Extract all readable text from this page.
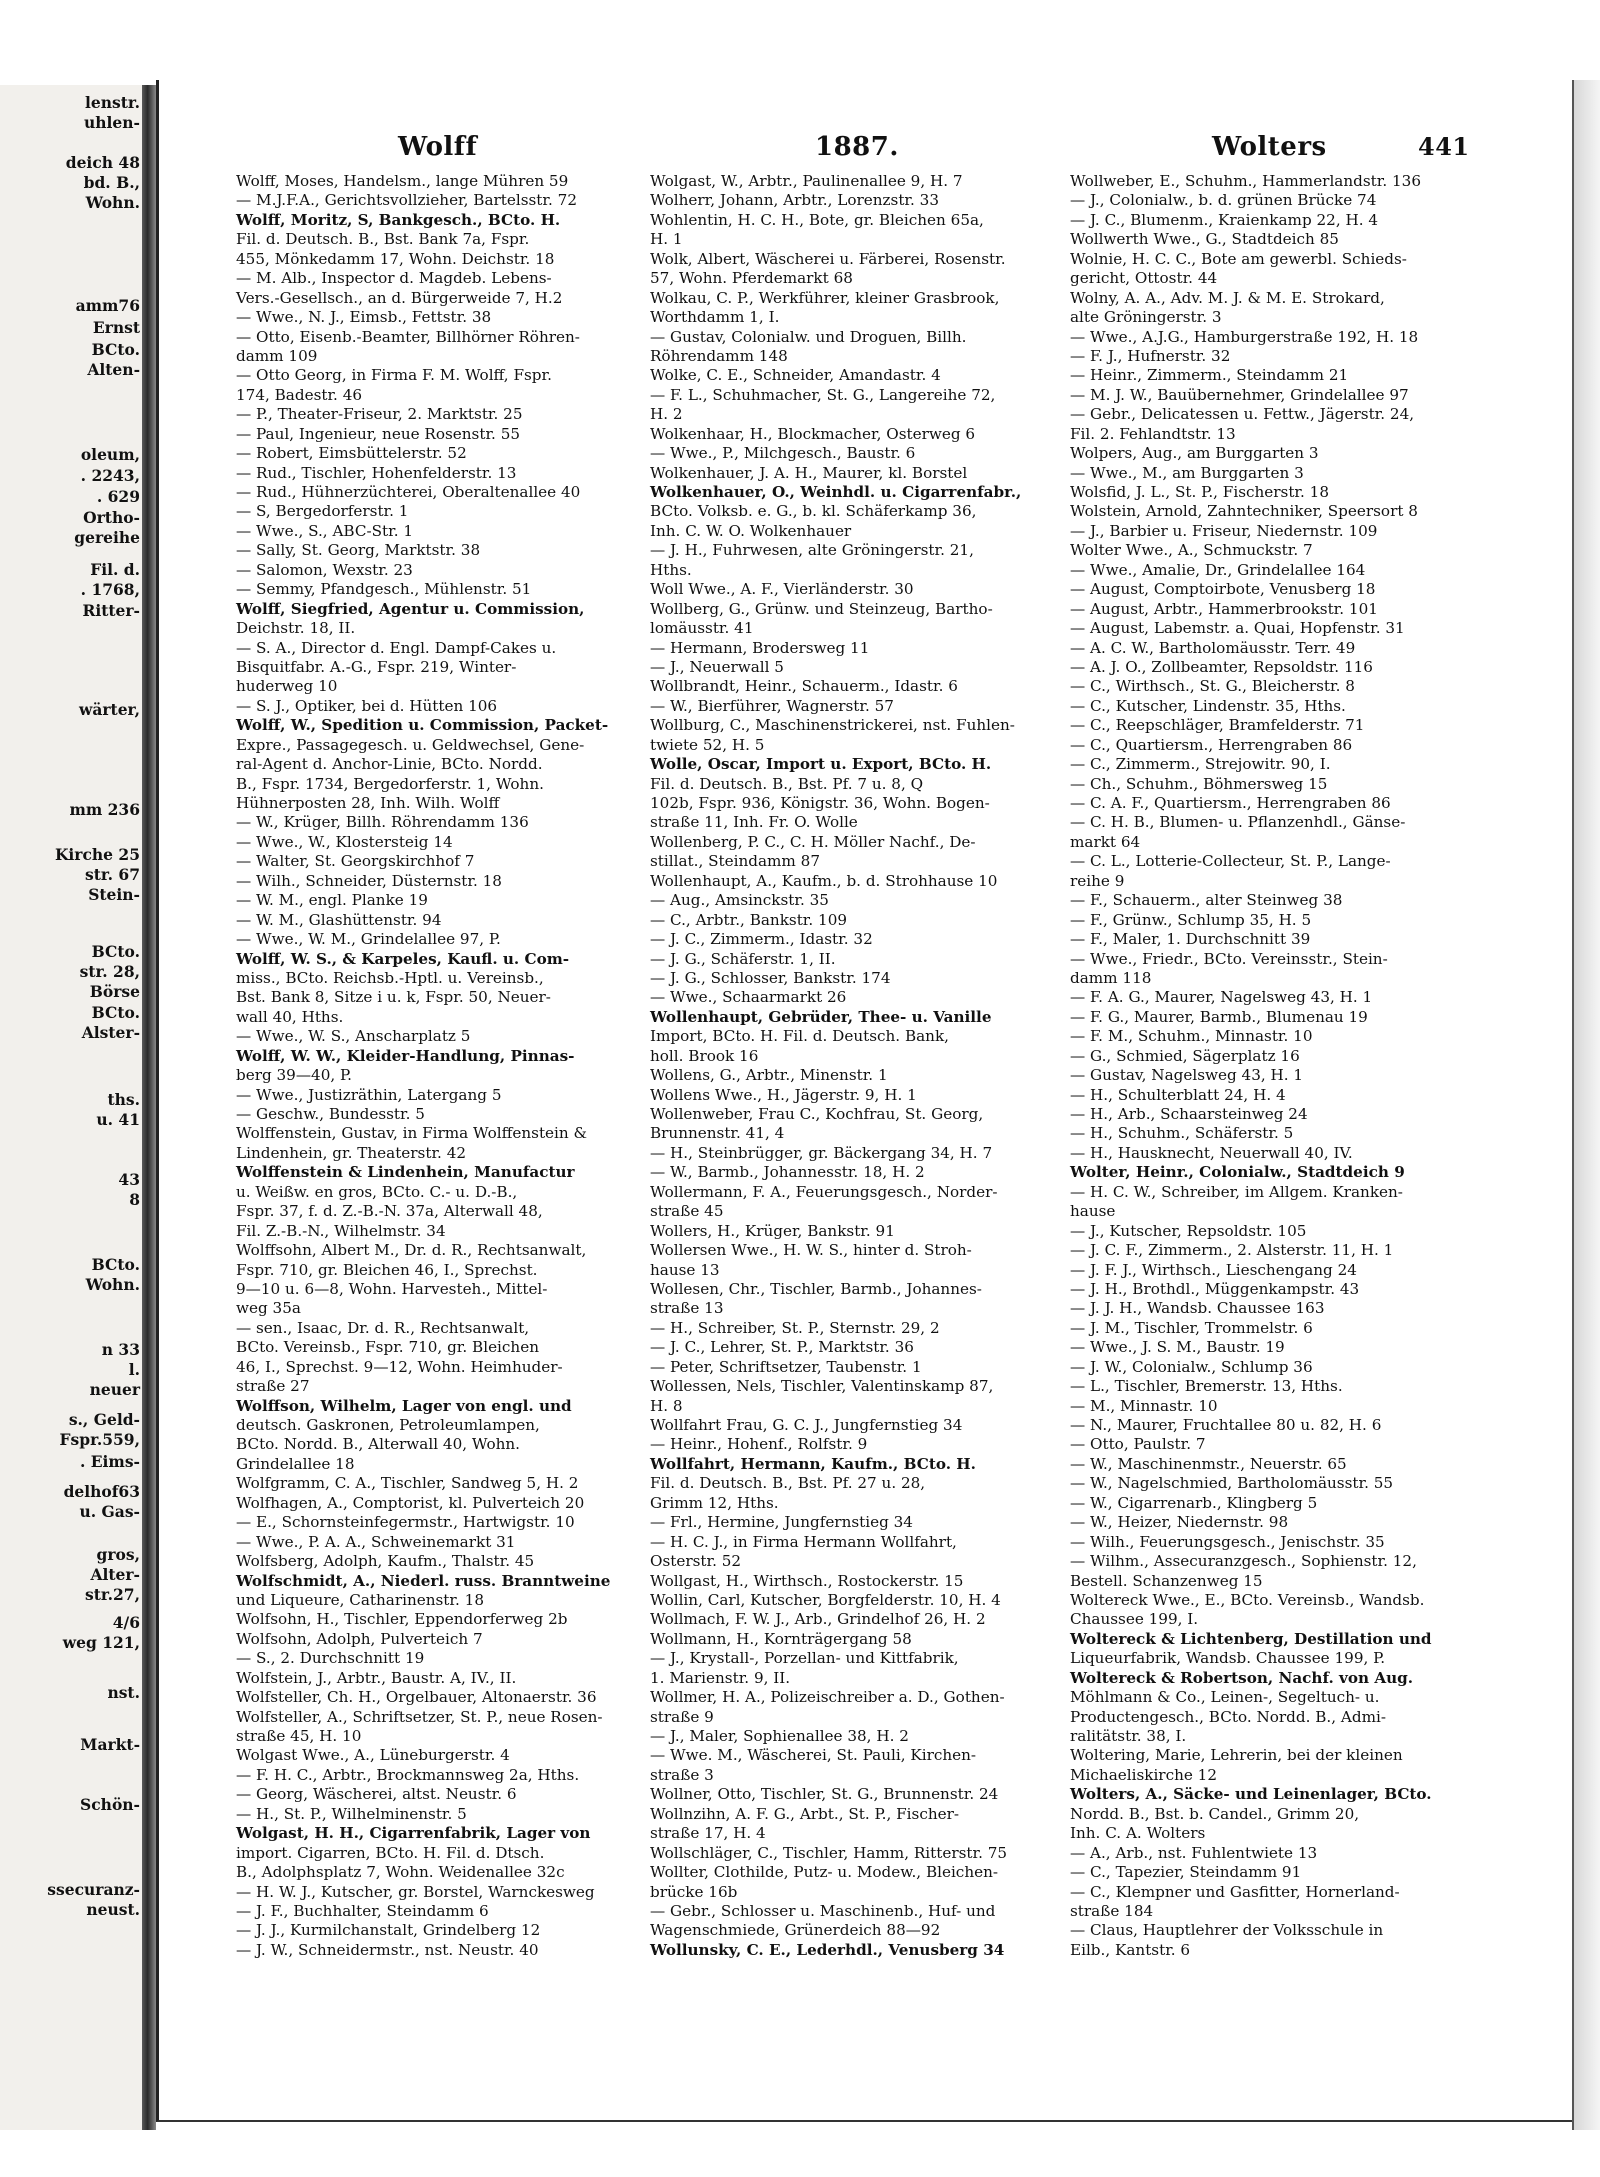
lenstr.
uhlen-
deich 48
bd. B.,
Wohn.
amm76
Ernst
BCto.
Alten-
oleum,
. 2243,
. 629
Ortho-
gereihe
Fil. d.
. 1768,
Ritter-
wärter,
mm 236
Kirche 25
str. 67
Stein-
BCto.
str. 28,
Börse
BCto.
Alster-
ths.
u. 41
43
8
BCto.
Wohn.
n 33
l.
neuer
s., Geld-
Fspr.559,
. Eims-
delhof63
u. Gas-
gros,
Alter-
str.27,
4/6
weg 121,
nst.
Markt-
Schön-
ssecuranz-
neust.
Wolff	1887.	Wolters	441
Wolff, Moses, Handelsm., lange Mühren 59
— M.J.F.A., Gerichtsvollzieher, Bartelsstr. 72
Wolff, Moritz, S, Bankgesch., BCto. H.
Fil. d. Deutsch. B., Bst. Bank 7a, Fspr.
455, Mönkedamm 17, Wohn. Deichstr. 18
— M. Alb., Inspector d. Magdeb. Lebens-
Vers.-Gesellsch., an d. Bürgerweide 7, H.2
— Wwe., N. J., Eimsb., Fettstr. 38
— Otto, Eisenb.-Beamter, Billhörner Röhren-
damm 109
— Otto Georg, in Firma F. M. Wolff, Fspr.
174, Badestr. 46
— P., Theater-Friseur, 2. Marktstr. 25
— Paul, Ingenieur, neue Rosenstr. 55
— Robert, Eimsbüttelerstr. 52
— Rud., Tischler, Hohenfelderstr. 13
— Rud., Hühnerzüchterei, Oberaltenallee 40
— S, Bergedorferstr. 1
— Wwe., S., ABC-Str. 1
— Sally, St. Georg, Marktstr. 38
— Salomon, Wexstr. 23
— Semmy, Pfandgesch., Mühlenstr. 51
Wolff, Siegfried, Agentur u. Commission,
Deichstr. 18, II.
— S. A., Director d. Engl. Dampf-Cakes u.
Bisquitfabr. A.-G., Fspr. 219, Winter-
huderweg 10
— S. J., Optiker, bei d. Hütten 106
Wolff, W., Spedition u. Commission, Packet-
Expre., Passagegesch. u. Geldwechsel, Gene-
ral-Agent d. Anchor-Linie, BCto. Nordd.
B., Fspr. 1734, Bergedorferstr. 1, Wohn.
Hühnerposten 28, Inh. Wilh. Wolff
— W., Krüger, Billh. Röhrendamm 136
— Wwe., W., Klostersteig 14
— Walter, St. Georgskirchhof 7
— Wilh., Schneider, Düsternstr. 18
— W. M., engl. Planke 19
— W. M., Glashüttenstr. 94
— Wwe., W. M., Grindelallee 97, P.
Wolff, W. S., & Karpeles, Kaufl. u. Com-
miss., BCto. Reichsb.-Hptl. u. Vereinsb.,
Bst. Bank 8, Sitze i u. k, Fspr. 50, Neuer-
wall 40, Hths.
— Wwe., W. S., Anscharplatz 5
Wolff, W. W., Kleider-Handlung, Pinnas-
berg 39—40, P.
— Wwe., Justizräthin, Latergang 5
— Geschw., Bundesstr. 5
Wolffenstein, Gustav, in Firma Wolffenstein &
Lindenhein, gr. Theaterstr. 42
Wolffenstein & Lindenhein, Manufactur
u. Weißw. en gros, BCto. C.- u. D.-B.,
Fspr. 37, f. d. Z.-B.-N. 37a, Alterwall 48,
Fil. Z.-B.-N., Wilhelmstr. 34
Wolffsohn, Albert M., Dr. d. R., Rechtsanwalt,
Fspr. 710, gr. Bleichen 46, I., Sprechst.
9—10 u. 6—8, Wohn. Harvesteh., Mittel-
weg 35a
— sen., Isaac, Dr. d. R., Rechtsanwalt,
BCto. Vereinsb., Fspr. 710, gr. Bleichen
46, I., Sprechst. 9—12, Wohn. Heimhuder-
straße 27
Wolffson, Wilhelm, Lager von engl. und
deutsch. Gaskronen, Petroleumlampen,
BCto. Nordd. B., Alterwall 40, Wohn.
Grindelallee 18
Wolfgramm, C. A., Tischler, Sandweg 5, H. 2
Wolfhagen, A., Comptorist, kl. Pulverteich 20
— E., Schornsteinfegermstr., Hartwigstr. 10
— Wwe., P. A. A., Schweinemarkt 31
Wolfsberg, Adolph, Kaufm., Thalstr. 45
Wolfschmidt, A., Niederl. russ. Branntweine
und Liqueure, Catharinenstr. 18
Wolfsohn, H., Tischler, Eppendorferweg 2b
Wolfsohn, Adolph, Pulverteich 7
— S., 2. Durchschnitt 19
Wolfstein, J., Arbtr., Baustr. A, IV., II.
Wolfsteller, Ch. H., Orgelbauer, Altonaerstr. 36
Wolfsteller, A., Schriftsetzer, St. P., neue Rosen-
straße 45, H. 10
Wolgast Wwe., A., Lüneburgerstr. 4
— F. H. C., Arbtr., Brockmannsweg 2a, Hths.
— Georg, Wäscherei, altst. Neustr. 6
— H., St. P., Wilhelminenstr. 5
Wolgast, H. H., Cigarrenfabrik, Lager von
import. Cigarren, BCto. H. Fil. d. Dtsch.
B., Adolphsplatz 7, Wohn. Weidenallee 32c
— H. W. J., Kutscher, gr. Borstel, Warnckesweg
— J. F., Buchhalter, Steindamm 6
— J. J., Kurmilchanstalt, Grindelberg 12
— J. W., Schneidermstr., nst. Neustr. 40
Wolgast, W., Arbtr., Paulinenallee 9, H. 7
Wolherr, Johann, Arbtr., Lorenzstr. 33
Wohlentin, H. C. H., Bote, gr. Bleichen 65a,
H. 1
Wolk, Albert, Wäscherei u. Färberei, Rosenstr.
57, Wohn. Pferdemarkt 68
Wolkau, C. P., Werkführer, kleiner Grasbrook,
Worthdamm 1, I.
— Gustav, Colonialw. und Droguen, Billh.
Röhrendamm 148
Wolke, C. E., Schneider, Amandastr. 4
— F. L., Schuhmacher, St. G., Langereihe 72,
H. 2
Wolkenhaar, H., Blockmacher, Osterweg 6
— Wwe., P., Milchgesch., Baustr. 6
Wolkenhauer, J. A. H., Maurer, kl. Borstel
Wolkenhauer, O., Weinhdl. u. Cigarrenfabr.,
BCto. Volksb. e. G., b. kl. Schäferkamp 36,
Inh. C. W. O. Wolkenhauer
— J. H., Fuhrwesen, alte Gröningerstr. 21,
Hths.
Woll Wwe., A. F., Vierländerstr. 30
Wollberg, G., Grünw. und Steinzeug, Bartho-
lomäusstr. 41
— Hermann, Brodersweg 11
— J., Neuerwall 5
Wollbrandt, Heinr., Schauerm., Idastr. 6
— W., Bierführer, Wagnerstr. 57
Wollburg, C., Maschinenstrickerei, nst. Fuhlen-
twiete 52, H. 5
Wolle, Oscar, Import u. Export, BCto. H.
Fil. d. Deutsch. B., Bst. Pf. 7 u. 8, Q
102b, Fspr. 936, Königstr. 36, Wohn. Bogen-
straße 11, Inh. Fr. O. Wolle
Wollenberg, P. C., C. H. Möller Nachf., De-
stillat., Steindamm 87
Wollenhaupt, A., Kaufm., b. d. Strohhause 10
— Aug., Amsinckstr. 35
— C., Arbtr., Bankstr. 109
— J. C., Zimmerm., Idastr. 32
— J. G., Schäferstr. 1, II.
— J. G., Schlosser, Bankstr. 174
— Wwe., Schaarmarkt 26
Wollenhaupt, Gebrüder, Thee- u. Vanille
Import, BCto. H. Fil. d. Deutsch. Bank,
holl. Brook 16
Wollens, G., Arbtr., Minenstr. 1
Wollens Wwe., H., Jägerstr. 9, H. 1
Wollenweber, Frau C., Kochfrau, St. Georg,
Brunnenstr. 41, 4
— H., Steinbrügger, gr. Bäckergang 34, H. 7
— W., Barmb., Johannesstr. 18, H. 2
Wollermann, F. A., Feuerungsgesch., Norder-
straße 45
Wollers, H., Krüger, Bankstr. 91
Wollersen Wwe., H. W. S., hinter d. Stroh-
hause 13
Wollesen, Chr., Tischler, Barmb., Johannes-
straße 13
— H., Schreiber, St. P., Sternstr. 29, 2
— J. C., Lehrer, St. P., Marktstr. 36
— Peter, Schriftsetzer, Taubenstr. 1
Wollessen, Nels, Tischler, Valentinskamp 87,
H. 8
Wollfahrt Frau, G. C. J., Jungfernstieg 34
— Heinr., Hohenf., Rolfstr. 9
Wollfahrt, Hermann, Kaufm., BCto. H.
Fil. d. Deutsch. B., Bst. Pf. 27 u. 28,
Grimm 12, Hths.
— Frl., Hermine, Jungfernstieg 34
— H. C. J., in Firma Hermann Wollfahrt,
Osterstr. 52
Wollgast, H., Wirthsch., Rostockerstr. 15
Wollin, Carl, Kutscher, Borgfelderstr. 10, H. 4
Wollmach, F. W. J., Arb., Grindelhof 26, H. 2
Wollmann, H., Kornträgergang 58
— J., Krystall-, Porzellan- und Kittfabrik,
1. Marienstr. 9, II.
Wollmer, H. A., Polizeischreiber a. D., Gothen-
straße 9
— J., Maler, Sophienallee 38, H. 2
— Wwe. M., Wäscherei, St. Pauli, Kirchen-
straße 3
Wollner, Otto, Tischler, St. G., Brunnenstr. 24
Wollnzihn, A. F. G., Arbt., St. P., Fischer-
straße 17, H. 4
Wollschläger, C., Tischler, Hamm, Ritterstr. 75
Wollter, Clothilde, Putz- u. Modew., Bleichen-
brücke 16b
— Gebr., Schlosser u. Maschinenb., Huf- und
Wagenschmiede, Grünerdeich 88—92
Wollunsky, C. E., Lederhdl., Venusberg 34
Wollweber, E., Schuhm., Hammerlandstr. 136
— J., Colonialw., b. d. grünen Brücke 74
— J. C., Blumenm., Kraienkamp 22, H. 4
Wollwerth Wwe., G., Stadtdeich 85
Wolnie, H. C. C., Bote am gewerbl. Schieds-
gericht, Ottostr. 44
Wolny, A. A., Adv. M. J. & M. E. Strokard,
alte Gröningerstr. 3
— Wwe., A.J.G., Hamburgerstraße 192, H. 18
— F. J., Hufnerstr. 32
— Heinr., Zimmerm., Steindamm 21
— M. J. W., Bauübernehmer, Grindelallee 97
— Gebr., Delicatessen u. Fettw., Jägerstr. 24,
Fil. 2. Fehlandtstr. 13
Wolpers, Aug., am Burggarten 3
— Wwe., M., am Burggarten 3
Wolsfid, J. L., St. P., Fischerstr. 18
Wolstein, Arnold, Zahntechniker, Speersort 8
— J., Barbier u. Friseur, Niedernstr. 109
Wolter Wwe., A., Schmuckstr. 7
— Wwe., Amalie, Dr., Grindelallee 164
— August, Comptoirbote, Venusberg 18
— August, Arbtr., Hammerbrookstr. 101
— August, Labemstr. a. Quai, Hopfenstr. 31
— A. C. W., Bartholomäusstr. Terr. 49
— A. J. O., Zollbeamter, Repsoldstr. 116
— C., Wirthsch., St. G., Bleicherstr. 8
— C., Kutscher, Lindenstr. 35, Hths.
— C., Reepschläger, Bramfelderstr. 71
— C., Quartiersm., Herrengraben 86
— C., Zimmerm., Strejowitr. 90, I.
— Ch., Schuhm., Böhmersweg 15
— C. A. F., Quartiersm., Herrengraben 86
— C. H. B., Blumen- u. Pflanzenhdl., Gänse-
markt 64
— C. L., Lotterie-Collecteur, St. P., Lange-
reihe 9
— F., Schauerm., alter Steinweg 38
— F., Grünw., Schlump 35, H. 5
— F., Maler, 1. Durchschnitt 39
— Wwe., Friedr., BCto. Vereinsstr., Stein-
damm 118
— F. A. G., Maurer, Nagelsweg 43, H. 1
— F. G., Maurer, Barmb., Blumenau 19
— F. M., Schuhm., Minnastr. 10
— G., Schmied, Sägerplatz 16
— Gustav, Nagelsweg 43, H. 1
— H., Schulterblatt 24, H. 4
— H., Arb., Schaarsteinweg 24
— H., Schuhm., Schäferstr. 5
— H., Hausknecht, Neuerwall 40, IV.
Wolter, Heinr., Colonialw., Stadtdeich 9
— H. C. W., Schreiber, im Allgem. Kranken-
hause
— J., Kutscher, Repsoldstr. 105
— J. C. F., Zimmerm., 2. Alsterstr. 11, H. 1
— J. F. J., Wirthsch., Lieschengang 24
— J. H., Brothdl., Müggenkampstr. 43
— J. J. H., Wandsb. Chaussee 163
— J. M., Tischler, Trommelstr. 6
— Wwe., J. S. M., Baustr. 19
— J. W., Colonialw., Schlump 36
— L., Tischler, Bremerstr. 13, Hths.
— M., Minnastr. 10
— N., Maurer, Fruchtallee 80 u. 82, H. 6
— Otto, Paulstr. 7
— W., Maschinenmstr., Neuerstr. 65
— W., Nagelschmied, Bartholomäusstr. 55
— W., Cigarrenarb., Klingberg 5
— W., Heizer, Niedernstr. 98
— Wilh., Feuerungsgesch., Jenischstr. 35
— Wilhm., Assecuranzgesch., Sophienstr. 12,
Bestell. Schanzenweg 15
Woltereck Wwe., E., BCto. Vereinsb., Wandsb.
Chaussee 199, I.
Woltereck & Lichtenberg, Destillation und
Liqueurfabrik, Wandsb. Chaussee 199, P.
Woltereck & Robertson, Nachf. von Aug.
Möhlmann & Co., Leinen-, Segeltuch- u.
Productengesch., BCto. Nordd. B., Admi-
ralitätstr. 38, I.
Woltering, Marie, Lehrerin, bei der kleinen
Michaeliskirche 12
Wolters, A., Säcke- und Leinenlager, BCto.
Nordd. B., Bst. b. Candel., Grimm 20,
Inh. C. A. Wolters
— A., Arb., nst. Fuhlentwiete 13
— C., Tapezier, Steindamm 91
— C., Klempner und Gasfitter, Hornerland-
straße 184
— Claus, Hauptlehrer der Volksschule in
Eilb., Kantstr. 6
